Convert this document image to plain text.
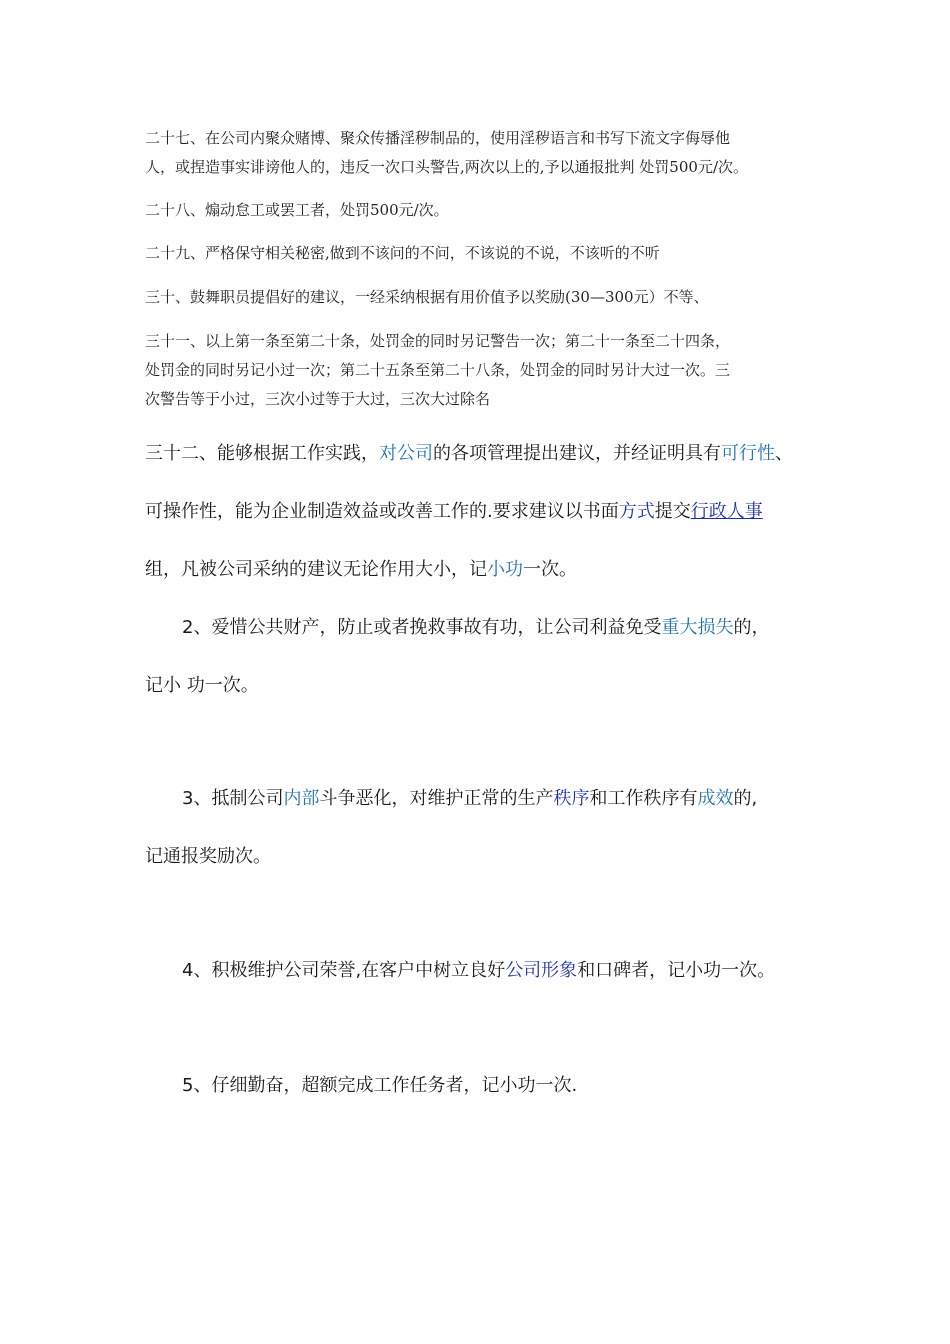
二十七、在公司内聚众赌博、聚众传播淫秽制品的，使用淫秽语言和书写下流文字侮辱他
人，或捏造事实诽谤他人的，违反一次口头警告,两次以上的,予以通报批判 处罚500元/次。

二十八、煽动怠工或罢工者，处罚500元/次。

二十九、严格保守相关秘密,做到不该问的不问，不该说的不说，不该听的不听

三十、鼓舞职员提倡好的建议，一经采纳根据有用价值予以奖励(30—300元）不等、

三十一、以上第一条至第二十条，处罚金的同时另记警告一次；第二十一条至二十四条，
处罚金的同时另记小过一次；第二十五条至第二十八条，处罚金的同时另计大过一次。三
次警告等于小过，三次小过等于大过，三次大过除名

三十二、能够根据工作实践，对公司的各项管理提出建议，并经证明具有可行性、
可操作性，能为企业制造效益或改善工作的.要求建议以书面方式提交行政人事
组，凡被公司采纳的建议无论作用大小，记小功一次。

2、爱惜公共财产，防止或者挽救事故有功，让公司利益免受重大损失的，
记小 功一次。

3、抵制公司内部斗争恶化，对维护正常的生产秩序和工作秩序有成效的,
记通报奖励次。

4、积极维护公司荣誉,在客户中树立良好公司形象和口碑者，记小功一次。

5、仔细勤奋，超额完成工作任务者，记小功一次.
